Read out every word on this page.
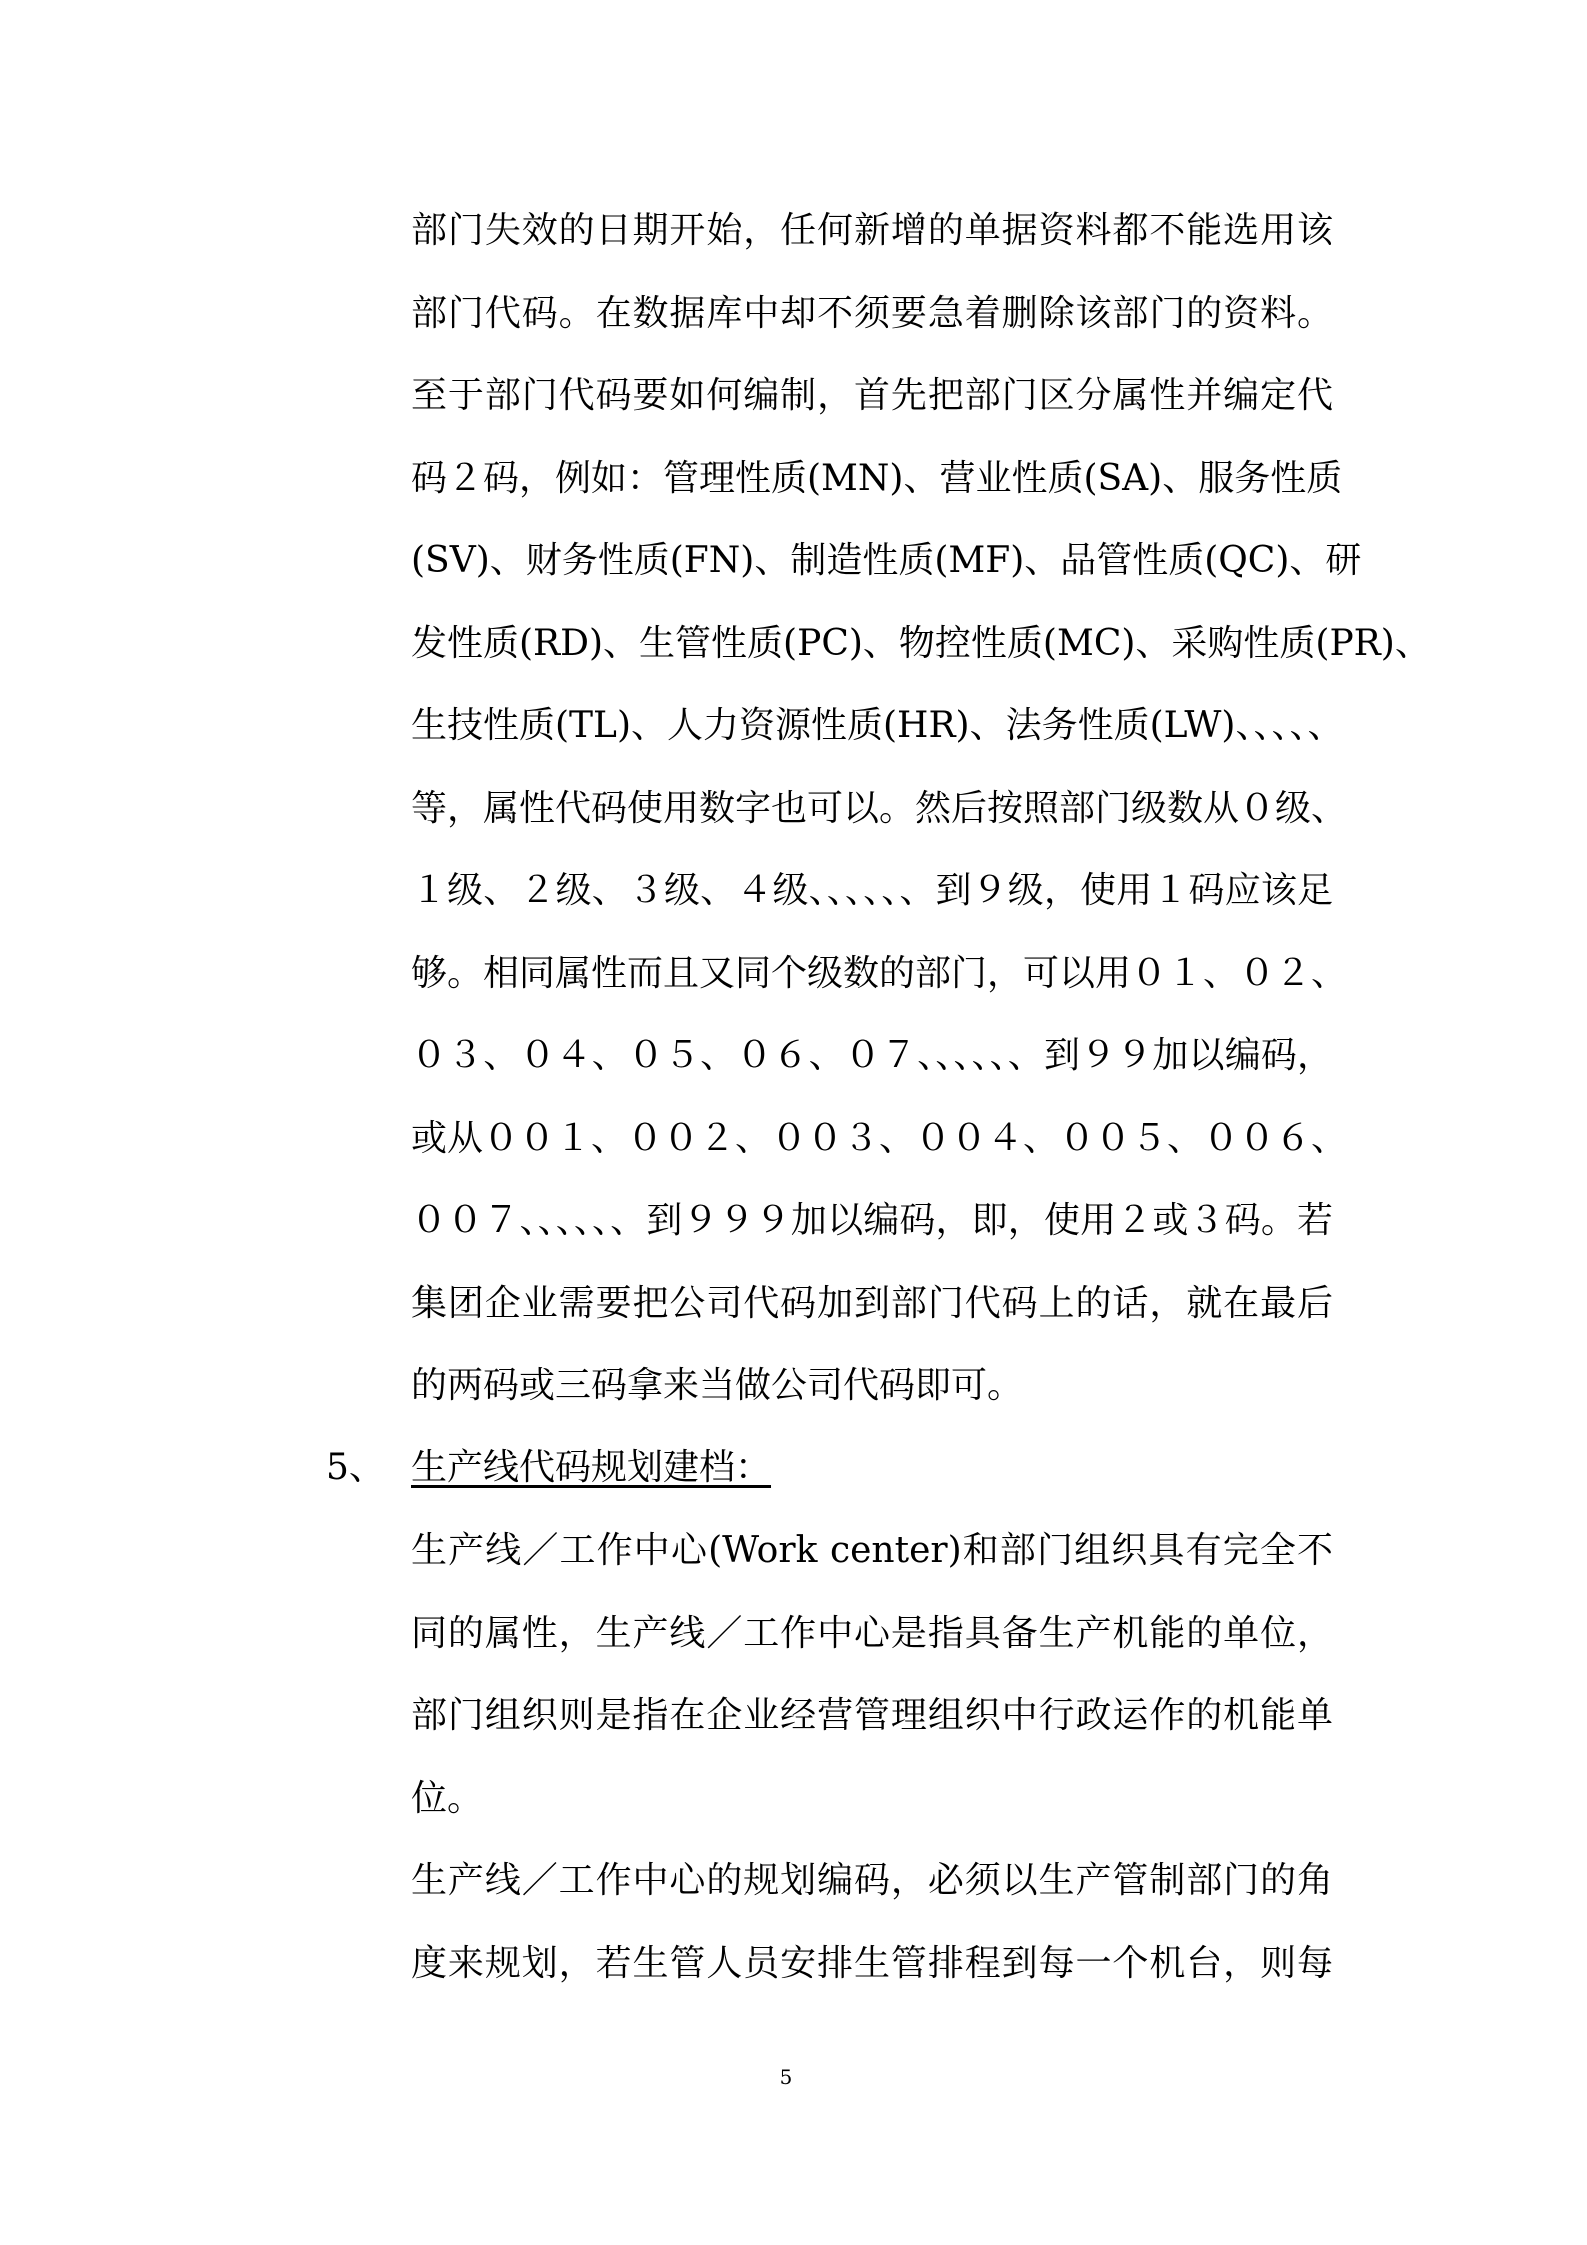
部门失效的日期开始，任何新增的单据资料都不能选用该
部门代码。在数据库中却不须要急着删除该部门的资料。
至于部门代码要如何编制，首先把部门区分属性并编定代
码２码，例如：管理性质(MN)、营业性质(SA)、服务性质
(SV)、财务性质(FN)、制造性质(MF)、品管性质(QC)、研
发性质(RD)、生管性质(PC)、物控性质(MC)、采购性质(PR)、
生技性质(TL)、人力资源性质(HR)、法务性质(LW)、、、、、
等，属性代码使用数字也可以。然后按照部门级数从０级、
１级、２级、３级、４级、、、、、、到９级，使用１码应该足
够。相同属性而且又同个级数的部门，可以用０１、０２、
０３、０４、０５、０６、０７、、、、、、到９９加以编码，
或从００１、００２、００３、００４、００５、００６、
００７、、、、、、到９９９加以编码，即，使用２或３码。若
集团企业需要把公司代码加到部门代码上的话，就在最后
的两码或三码拿来当做公司代码即可。
5、 生产线代码规划建档：
生产线／工作中心(Work center)和部门组织具有完全不
同的属性，生产线／工作中心是指具备生产机能的单位，
部门组织则是指在企业经营管理组织中行政运作的机能单
位。
生产线／工作中心的规划编码，必须以生产管制部门的角
度来规划，若生管人员安排生管排程到每一个机台，则每
5
